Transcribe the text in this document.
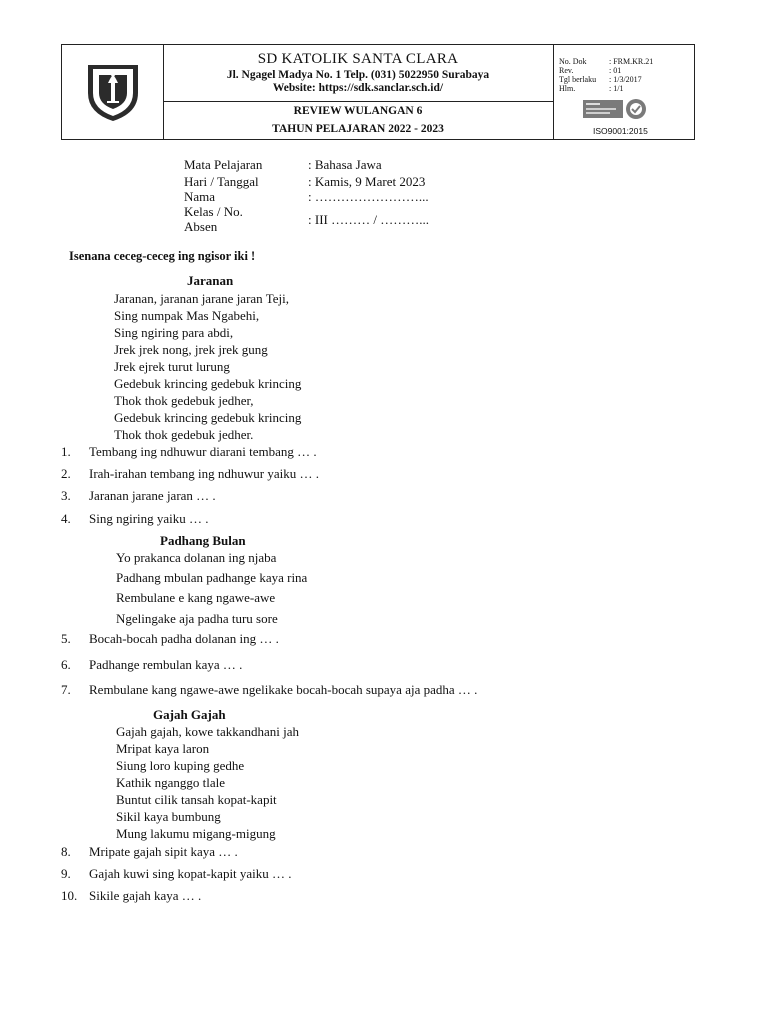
SD KATOLIK SANTA CLARA
Jl. Ngagel Madya No. 1 Telp. (031) 5022950 Surabaya
Website: https://sdk.sanclar.sch.id/
REVIEW WULANGAN 6
TAHUN PELAJARAN 2022 - 2023
No. Dok	: FRM.KR.21
Rev.	: 01
Tgl berlaku : 1/3/2017
Hlm.	: 1/1
ISO9001:2015
Mata Pelajaran	: Bahasa Jawa
Hari / Tanggal	: Kamis, 9 Maret 2023
Nama	: ……………………...
Kelas / No.
Absen	: III ……… / ………...
Isenana ceceg-ceceg ing ngisor iki !
Jaranan
Jaranan, jaranan jarane jaran Teji,
Sing numpak Mas Ngabehi,
Sing ngiring para abdi,
Jrek jrek nong, jrek jrek gung
Jrek ejrek turut lurung
Gedebuk krincing gedebuk krincing
Thok thok gedebuk jedher,
Gedebuk krincing gedebuk krincing
Thok thok gedebuk jedher.
1. Tembang ing ndhuwur diarani tembang … .
2. Irah-irahan tembang ing ndhuwur yaiku … .
3. Jaranan jarane jaran … .
4. Sing ngiring yaiku … .
Padhang Bulan
Yo prakanca dolanan ing njaba
Padhang mbulan padhange kaya rina
Rembulane e kang ngawe-awe
Ngelingake aja padha turu sore
5. Bocah-bocah padha dolanan ing … .
6. Padhange rembulan kaya … .
7. Rembulane kang ngawe-awe ngelikake bocah-bocah supaya aja padha … .
Gajah Gajah
Gajah gajah, kowe takkandhani jah
Mripat kaya laron
Siung loro kuping gedhe
Kathik nganggo tlale
Buntut cilik tansah kopat-kapit
Sikil kaya bumbung
Mung lakumu migang-migung
8. Mripate gajah sipit kaya … .
9. Gajah kuwi sing kopat-kapit yaiku … .
10. Sikile gajah kaya … .
